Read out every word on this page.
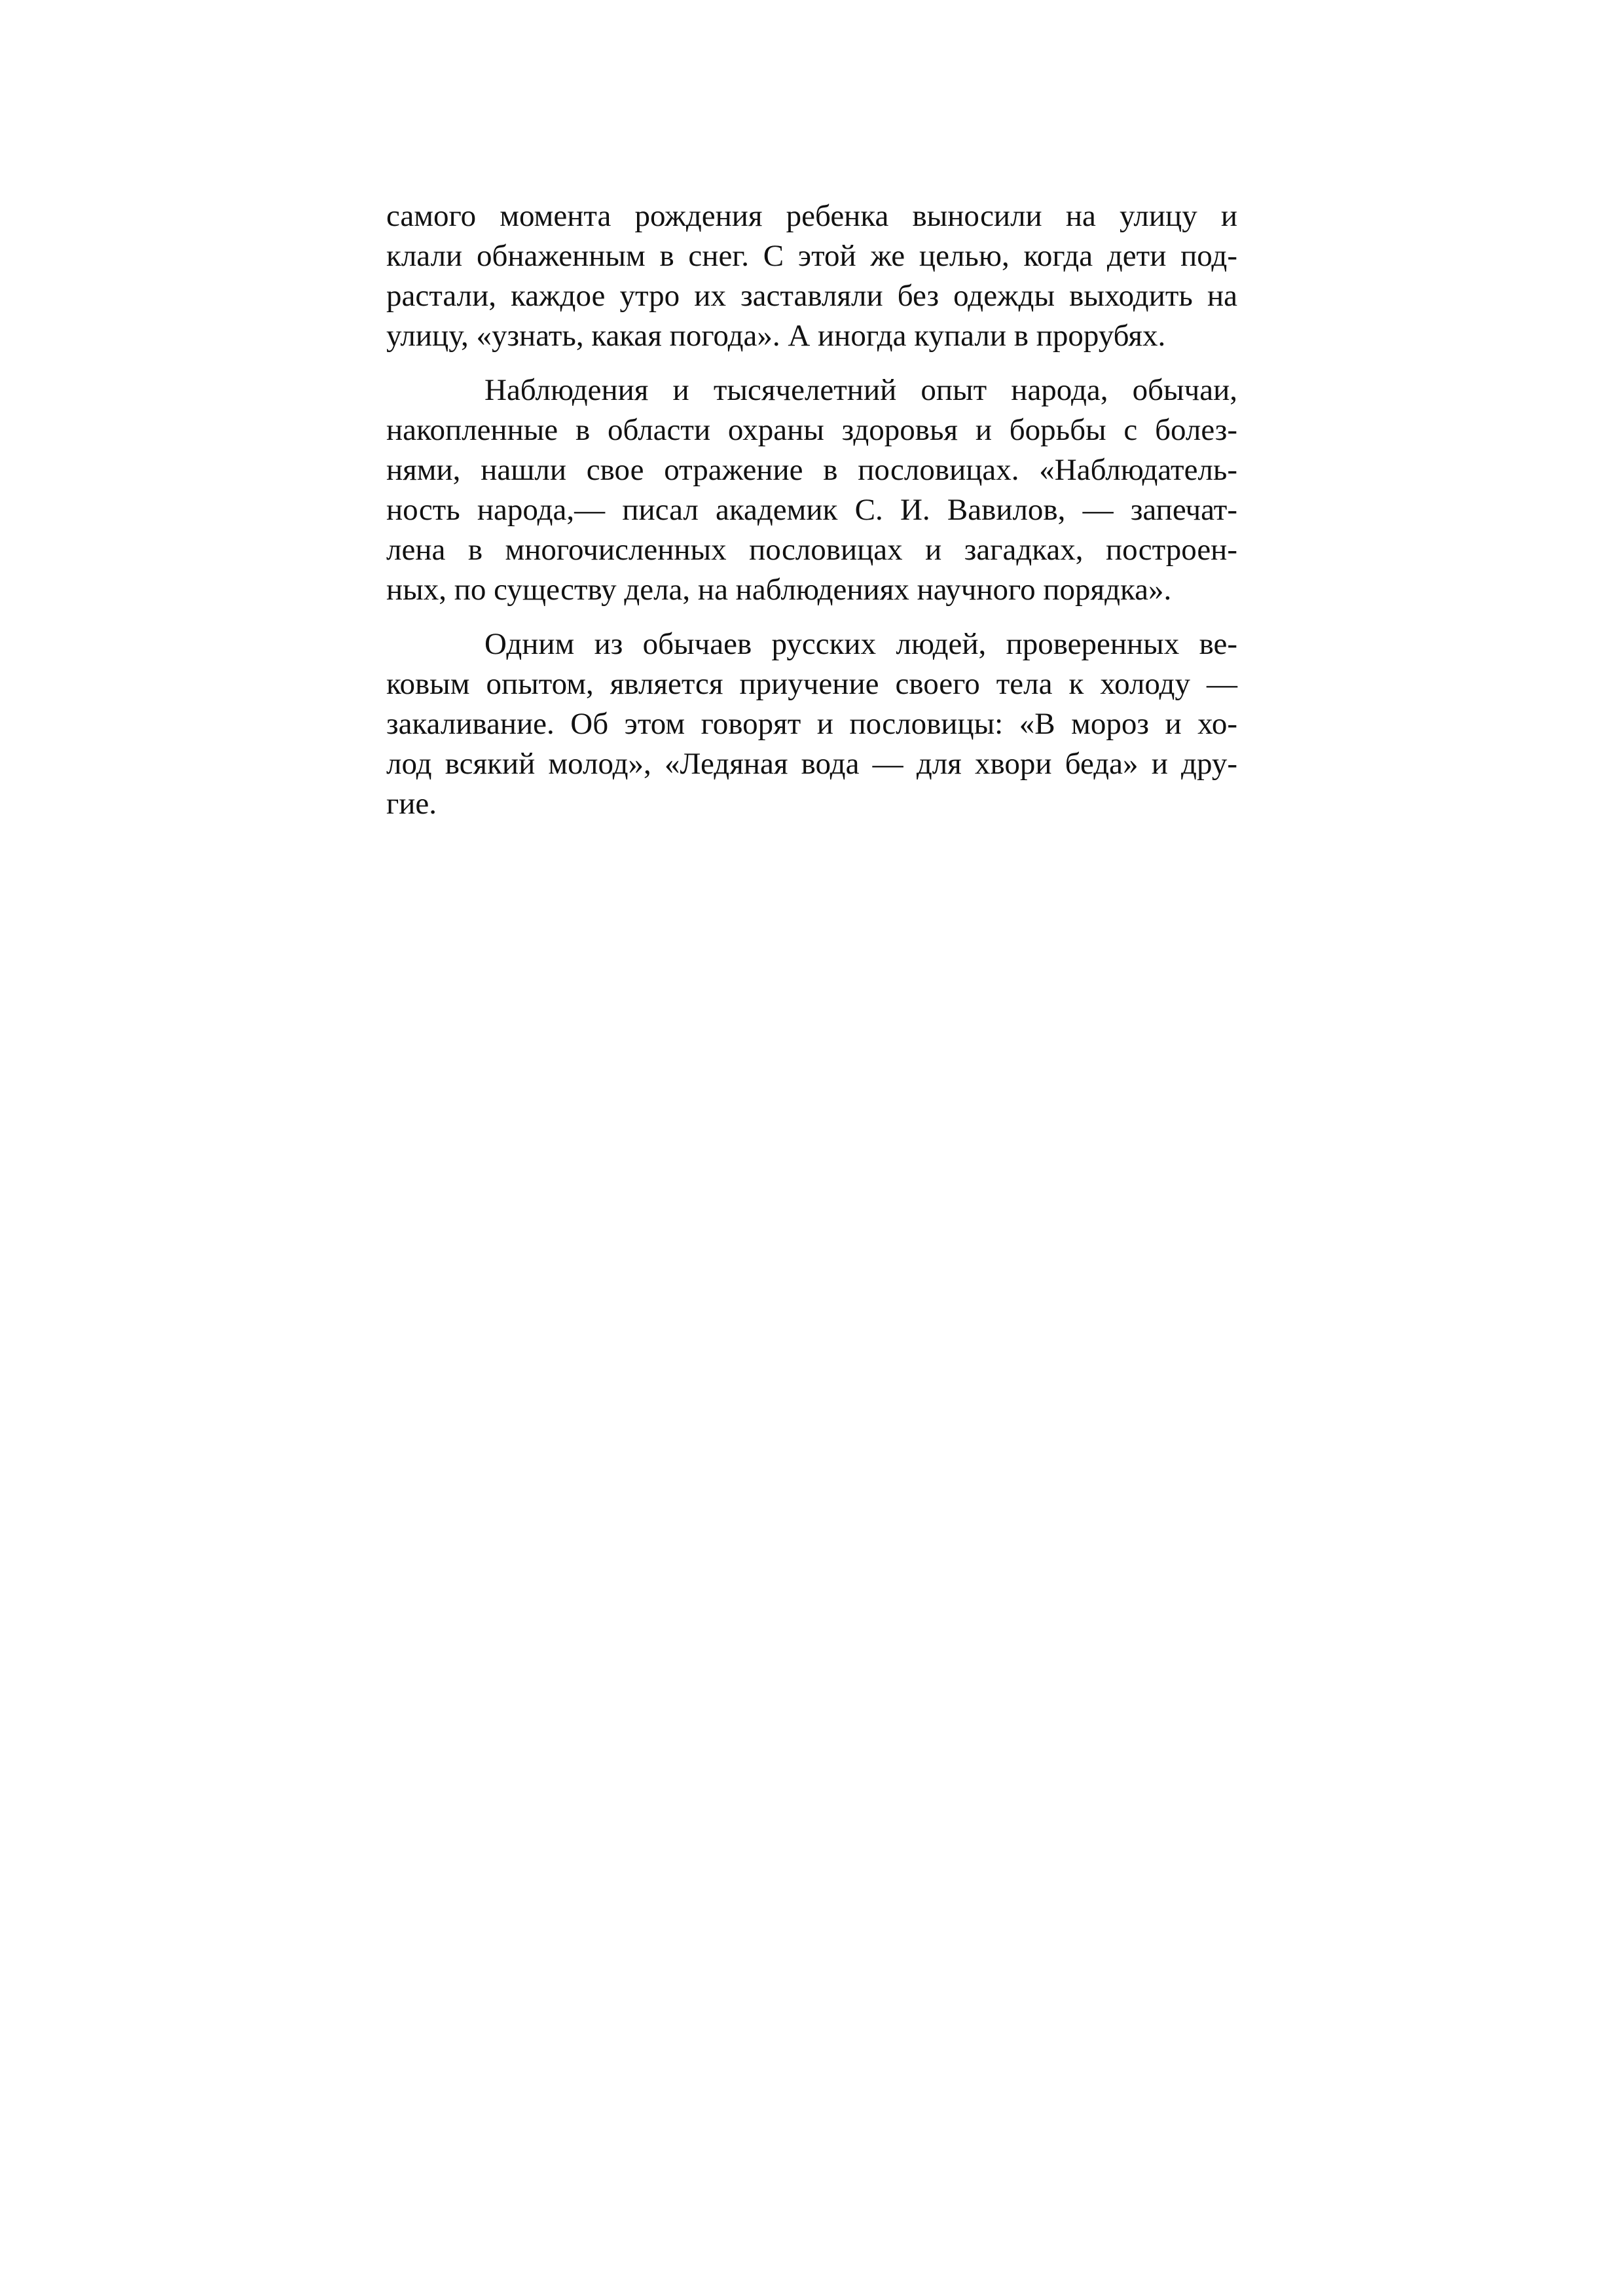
самого момента рождения ребенка выносили на улицу и
клали обнаженным в снег. С этой же целью, когда дети под-
растали, каждое утро их заставляли без одежды выходить на
улицу, «узнать, какая погода». А иногда купали в прорубях.
Наблюдения и тысячелетний опыт народа, обычаи,
накопленные в области охраны здоровья и борьбы с болез-
нями, нашли свое отражение в пословицах. «Наблюдатель-
ность народа,— писал академик С. И. Вавилов, — запечат-
лена в многочисленных пословицах и загадках, построен-
ных, по существу дела, на наблюдениях научного порядка».
Одним из обычаев русских людей, проверенных ве-
ковым опытом, является приучение своего тела к холоду —
закаливание. Об этом говорят и пословицы: «В мороз и хо-
лод всякий молод», «Ледяная вода — для хвори беда» и дру-
гие.
